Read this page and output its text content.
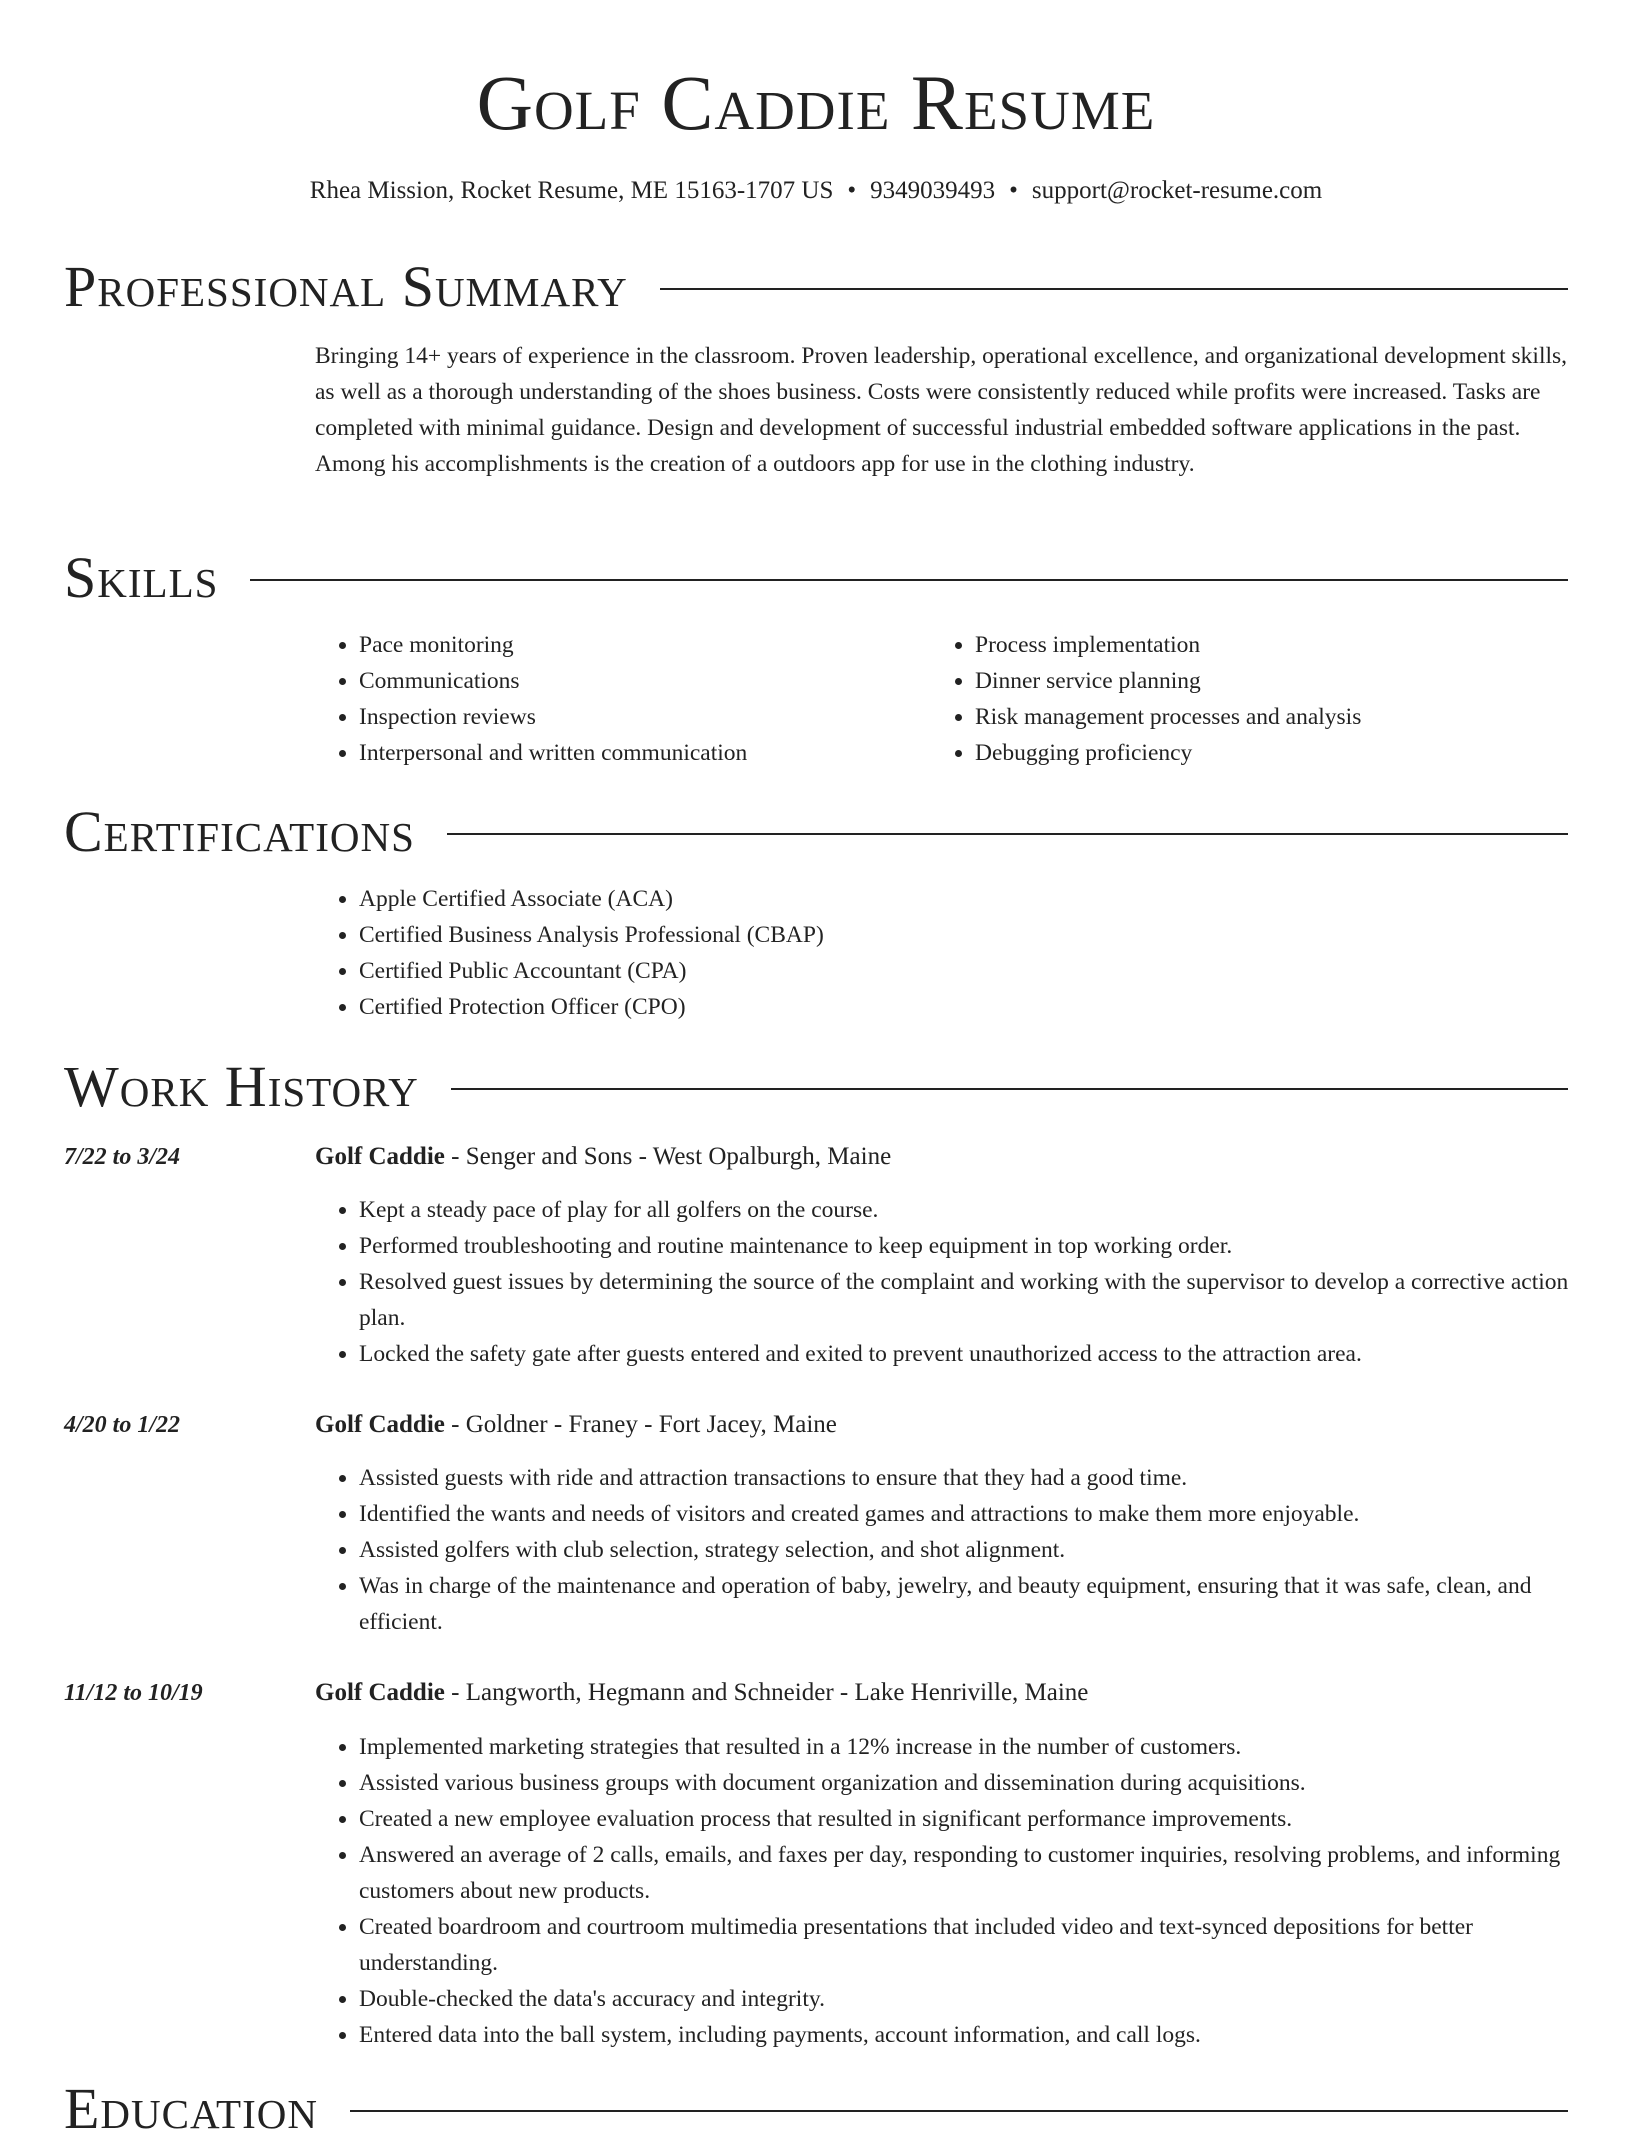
Golf Caddie Resume
Rhea Mission, Rocket Resume, ME 15163-1707 US • 9349039493 • support@rocket-resume.com
Professional Summary
Bringing 14+ years of experience in the classroom. Proven leadership, operational excellence, and organizational development skills, as well as a thorough understanding of the shoes business. Costs were consistently reduced while profits were increased. Tasks are completed with minimal guidance. Design and development of successful industrial embedded software applications in the past. Among his accomplishments is the creation of a outdoors app for use in the clothing industry.
Skills
• Pace monitoring
• Communications
• Inspection reviews
• Interpersonal and written communication
• Process implementation
• Dinner service planning
• Risk management processes and analysis
• Debugging proficiency
Certifications
• Apple Certified Associate (ACA)
• Certified Business Analysis Professional (CBAP)
• Certified Public Accountant (CPA)
• Certified Protection Officer (CPO)
Work History
7/22 to 3/24	Golf Caddie - Senger and Sons - West Opalburgh, Maine
• Kept a steady pace of play for all golfers on the course.
• Performed troubleshooting and routine maintenance to keep equipment in top working order.
• Resolved guest issues by determining the source of the complaint and working with the supervisor to develop a corrective action plan.
• Locked the safety gate after guests entered and exited to prevent unauthorized access to the attraction area.
4/20 to 1/22	Golf Caddie - Goldner - Franey - Fort Jacey, Maine
• Assisted guests with ride and attraction transactions to ensure that they had a good time.
• Identified the wants and needs of visitors and created games and attractions to make them more enjoyable.
• Assisted golfers with club selection, strategy selection, and shot alignment.
• Was in charge of the maintenance and operation of baby, jewelry, and beauty equipment, ensuring that it was safe, clean, and efficient.
11/12 to 10/19	Golf Caddie - Langworth, Hegmann and Schneider - Lake Henriville, Maine
• Implemented marketing strategies that resulted in a 12% increase in the number of customers.
• Assisted various business groups with document organization and dissemination during acquisitions.
• Created a new employee evaluation process that resulted in significant performance improvements.
• Answered an average of 2 calls, emails, and faxes per day, responding to customer inquiries, resolving problems, and informing customers about new products.
• Created boardroom and courtroom multimedia presentations that included video and text-synced depositions for better understanding.
• Double-checked the data's accuracy and integrity.
• Entered data into the ball system, including payments, account information, and call logs.
Education
